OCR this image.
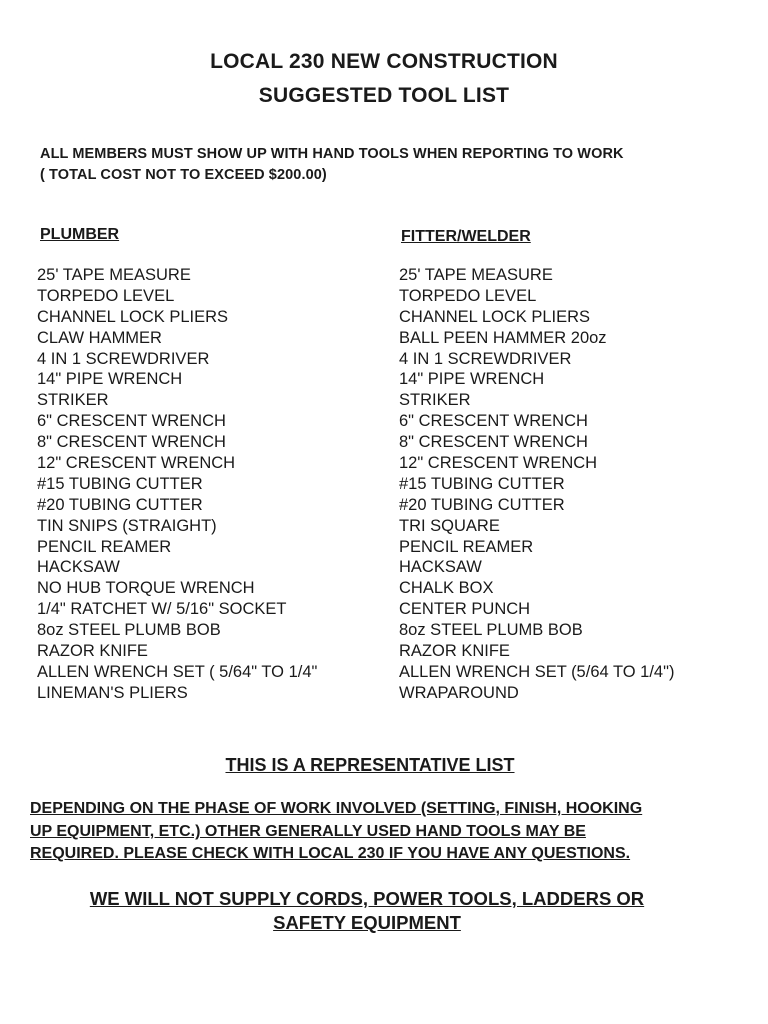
LOCAL 230 NEW CONSTRUCTION
SUGGESTED TOOL LIST
ALL MEMBERS MUST SHOW UP WITH HAND TOOLS WHEN REPORTING TO WORK
( TOTAL COST NOT TO EXCEED $200.00)
PLUMBER	FITTER/WELDER
25' TAPE MEASURE
TORPEDO LEVEL
CHANNEL LOCK PLIERS
CLAW HAMMER
4 IN 1 SCREWDRIVER
14" PIPE WRENCH
STRIKER
6" CRESCENT WRENCH
8" CRESCENT WRENCH
12" CRESCENT WRENCH
#15 TUBING CUTTER
#20 TUBING CUTTER
TIN SNIPS (STRAIGHT)
PENCIL REAMER
HACKSAW
NO HUB TORQUE WRENCH
1/4" RATCHET W/ 5/16" SOCKET
8oz STEEL PLUMB BOB
RAZOR KNIFE
ALLEN WRENCH SET ( 5/64" TO 1/4"
LINEMAN'S PLIERS
25' TAPE MEASURE
TORPEDO LEVEL
CHANNEL LOCK PLIERS
BALL PEEN HAMMER 20oz
4 IN 1 SCREWDRIVER
14" PIPE WRENCH
STRIKER
6" CRESCENT WRENCH
8" CRESCENT WRENCH
12" CRESCENT WRENCH
#15 TUBING CUTTER
#20 TUBING CUTTER
TRI SQUARE
PENCIL REAMER
HACKSAW
CHALK BOX
CENTER PUNCH
8oz STEEL PLUMB BOB
RAZOR KNIFE
ALLEN WRENCH SET (5/64 TO 1/4")
WRAPAROUND
THIS IS A REPRESENTATIVE LIST
DEPENDING ON THE PHASE OF WORK INVOLVED (SETTING, FINISH, HOOKING
UP EQUIPMENT, ETC.) OTHER GENERALLY USED HAND TOOLS MAY BE
REQUIRED. PLEASE CHECK WITH LOCAL 230 IF YOU HAVE ANY QUESTIONS.
WE WILL NOT SUPPLY CORDS, POWER TOOLS, LADDERS OR
SAFETY EQUIPMENT
